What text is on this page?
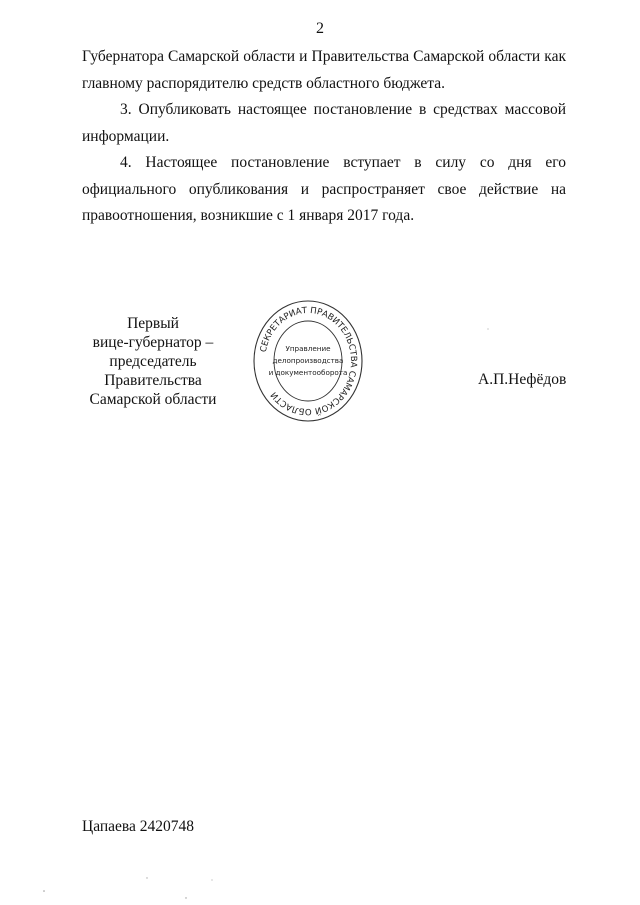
2

Губернатора Самарской области и Правительства Самарской области как главному распорядителю средств областного бюджета.

3. Опубликовать настоящее постановление в средствах массовой информации.

4. Настоящее постановление вступает в силу со дня его официального опубликования и распространяет свое действие на правоотношения, возникшие с 1 января 2017 года.

Первый
вице-губернатор –
председатель Правительства
Самарской области
СЕКРЕТАРИАТ ПРАВИТЕЛЬСТВА САМАРСКОЙ ОБЛАСТИ
Управление
делопроизводства
и документооборота	А.П.Нефёдов
Цапаева 2420748
